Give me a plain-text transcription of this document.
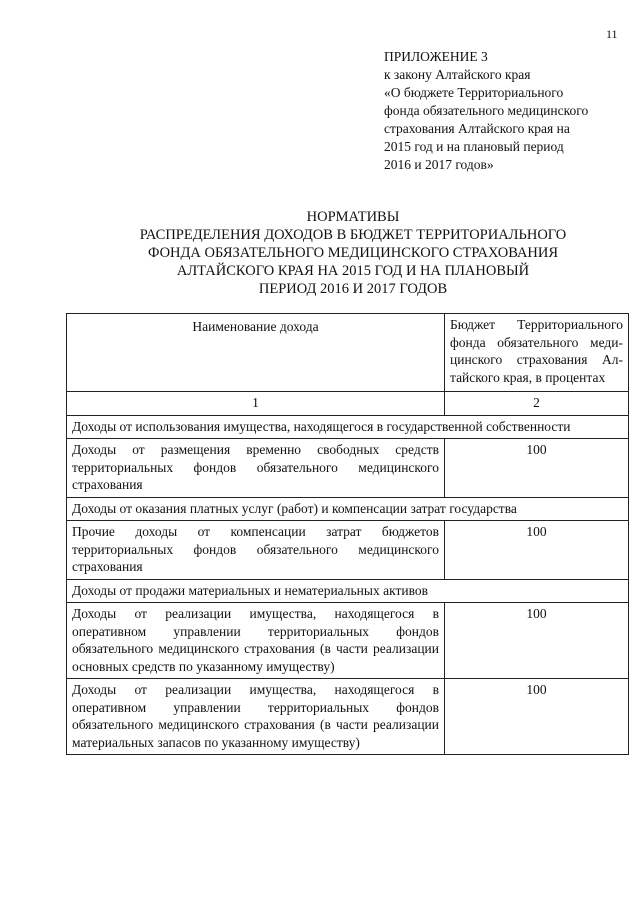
11
ПРИЛОЖЕНИЕ 3
к закону Алтайского края
«О бюджете Территориального
фонда обязательного медицинского
страхования Алтайского края на
2015 год и на плановый период
2016 и 2017 годов»
НОРМАТИВЫ
РАСПРЕДЕЛЕНИЯ ДОХОДОВ В БЮДЖЕТ ТЕРРИТОРИАЛЬНОГО
ФОНДА ОБЯЗАТЕЛЬНОГО МЕДИЦИНСКОГО СТРАХОВАНИЯ
АЛТАЙСКОГО КРАЯ НА 2015 ГОД И НА ПЛАНОВЫЙ
ПЕРИОД 2016 И 2017 ГОДОВ
Наименование дохода	Бюджет Территориального фонда обязательного меди-цинского страхования Ал-тайского края, в процентах
1	2
Доходы от использования имущества, находящегося в государственной собственности	
Доходы от размещения временно свободных средств территориальных фондов обязательного медицинского страхования	100
Доходы от оказания платных услуг (работ) и компенсации затрат государства	
Прочие доходы от компенсации затрат бюджетов территориальных фондов обязательного медицинского страхования	100
Доходы от продажи материальных и нематериальных активов	
Доходы от реализации имущества, находящегося в оперативном управлении территориальных фондов обязательного медицинского страхования (в части реализации основных средств по указанному имуществу)	100
Доходы от реализации имущества, находящегося в оперативном управлении территориальных фондов обязательного медицинского страхования (в части реализации материальных запасов по указанному имуществу)	100
